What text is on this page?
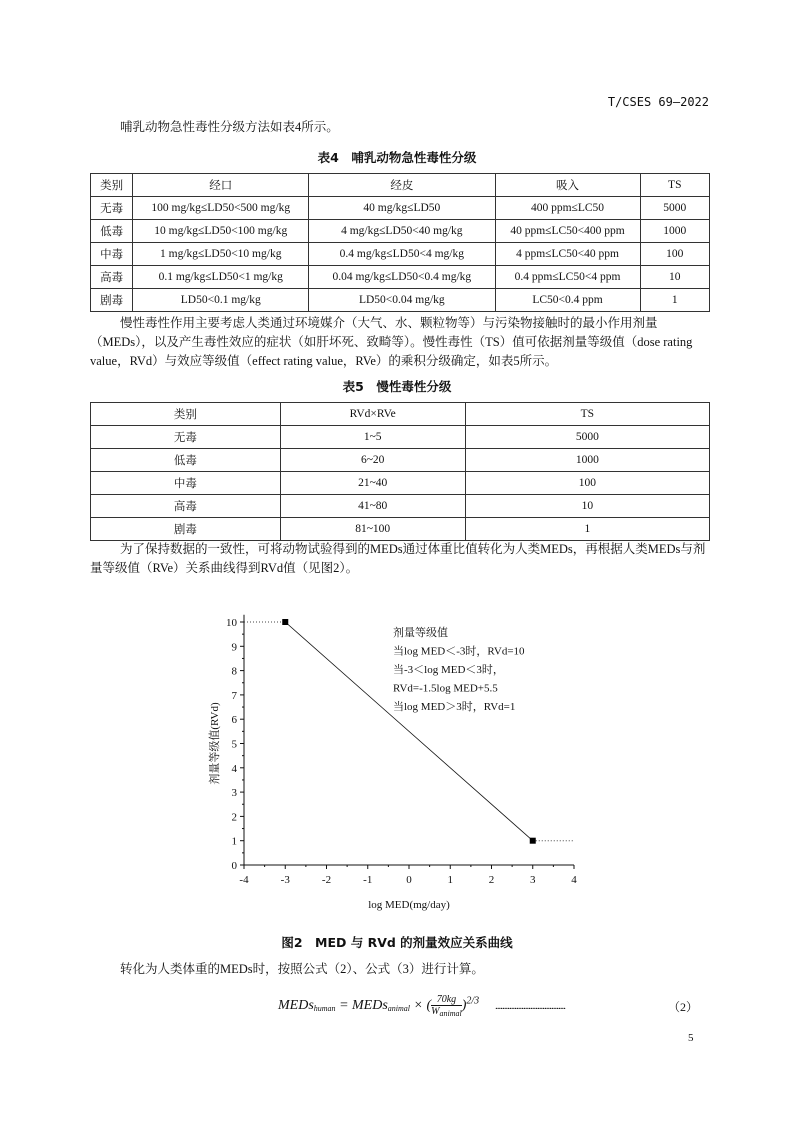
T/CSES 69—2022
哺乳动物急性毒性分级方法如表4所示。
表4　哺乳动物急性毒性分级
类别	经口	经皮	吸入	TS
无毒	100 mg/kg≤LD50<500 mg/kg	40 mg/kg≤LD50	400 ppm≤LC50	5000
低毒	10 mg/kg≤LD50<100 mg/kg	4 mg/kg≤LD50<40 mg/kg	40 ppm≤LC50<400 ppm	1000
中毒	1 mg/kg≤LD50<10 mg/kg	0.4 mg/kg≤LD50<4 mg/kg	4 ppm≤LC50<40 ppm	100
高毒	0.1 mg/kg≤LD50<1 mg/kg	0.04 mg/kg≤LD50<0.4 mg/kg	0.4 ppm≤LC50<4 ppm	10
剧毒	LD50<0.1 mg/kg	LD50<0.04 mg/kg	LC50<0.4 ppm	1
慢性毒性作用主要考虑人类通过环境媒介（大气、水、颗粒物等）与污染物接触时的最小作用剂量（MEDs），以及产生毒性效应的症状（如肝坏死、致畸等）。慢性毒性（TS）值可依据剂量等级值（dose rating value，RVd）与效应等级值（effect rating value，RVe）的乘积分级确定，如表5所示。
表5　慢性毒性分级
类别	RVd×RVe	TS
无毒	1~5	5000
低毒	6~20	1000
中毒	21~40	100
高毒	41~80	10
剧毒	81~100	1
为了保持数据的一致性，可将动物试验得到的MEDs通过体重比值转化为人类MEDs，再根据人类MEDs与剂量等级值（RVe）关系曲线得到RVd值（见图2）。
-4	-3	-2	-1	0	1	2	3	4
0
1
2
3
4
5
6
7
8
9
10
log MED(mg/day)
剂量等级值(RVd)
剂量等级值
当log MED＜-3时，RVd=10
当-3＜log MED＜3时，
RVd=-1.5log MED+5.5
当log MED＞3时，RVd=1
图2　MED 与 RVd 的剂量效应关系曲线
转化为人类体重的MEDs时，按照公式（2）、公式（3）进行计算。
MEDs$_{human}$ = MEDs$_{animal}$ × ( 70kg
$W_{animal})^{2/3}$ ........................................	（2）
5
